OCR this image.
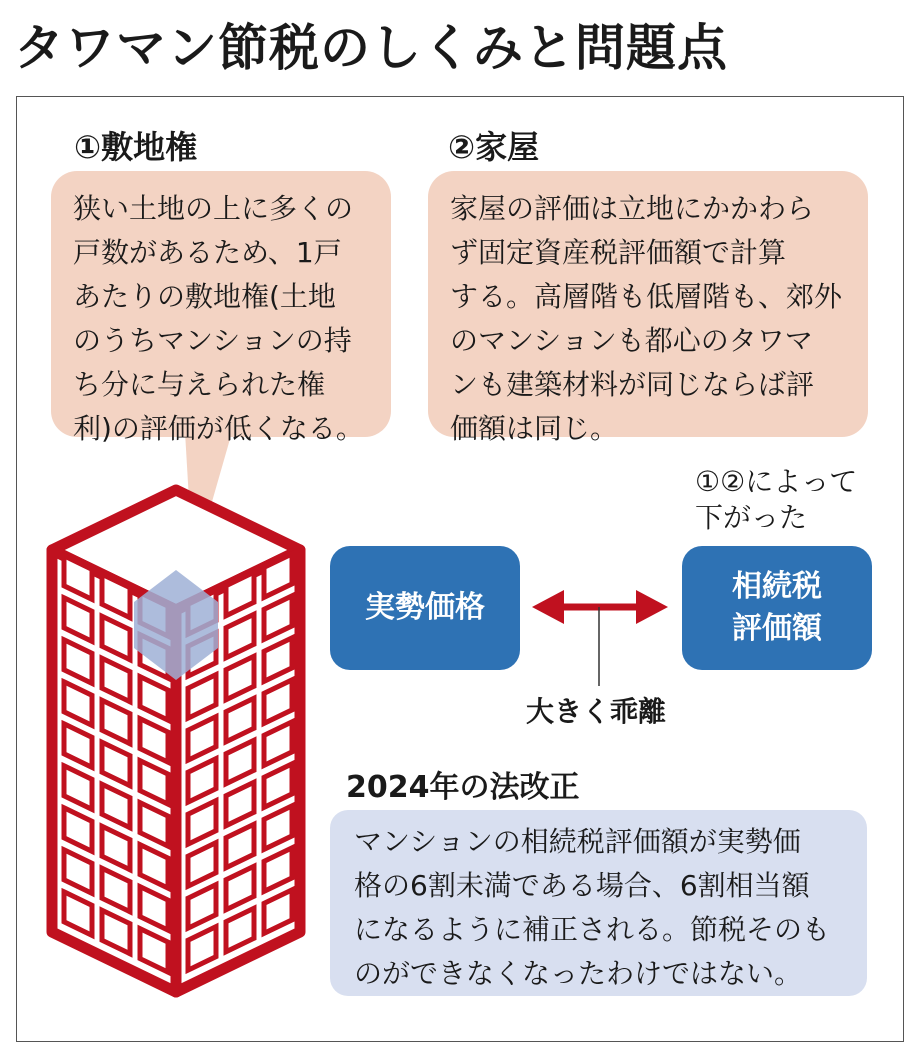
タワマン節税のしくみと問題点
①敷地権
狭い土地の上に多くの
戸数があるため、1戸
あたりの敷地権(土地
のうちマンションの持
ち分に与えられた権
利)の評価が低くなる。
②家屋
家屋の評価は立地にかかわら
ず固定資産税評価額で計算
する。高層階も低層階も、郊外
のマンションも都心のタワマ
ンも建築材料が同じならば評
価額は同じ。
①②によって
下がった
実勢価格
相続税
評価額
大きく乖離
2024年の法改正
マンションの相続税評価額が実勢価
格の6割未満である場合、6割相当額
になるように補正される。節税そのも
のができなくなったわけではない。
